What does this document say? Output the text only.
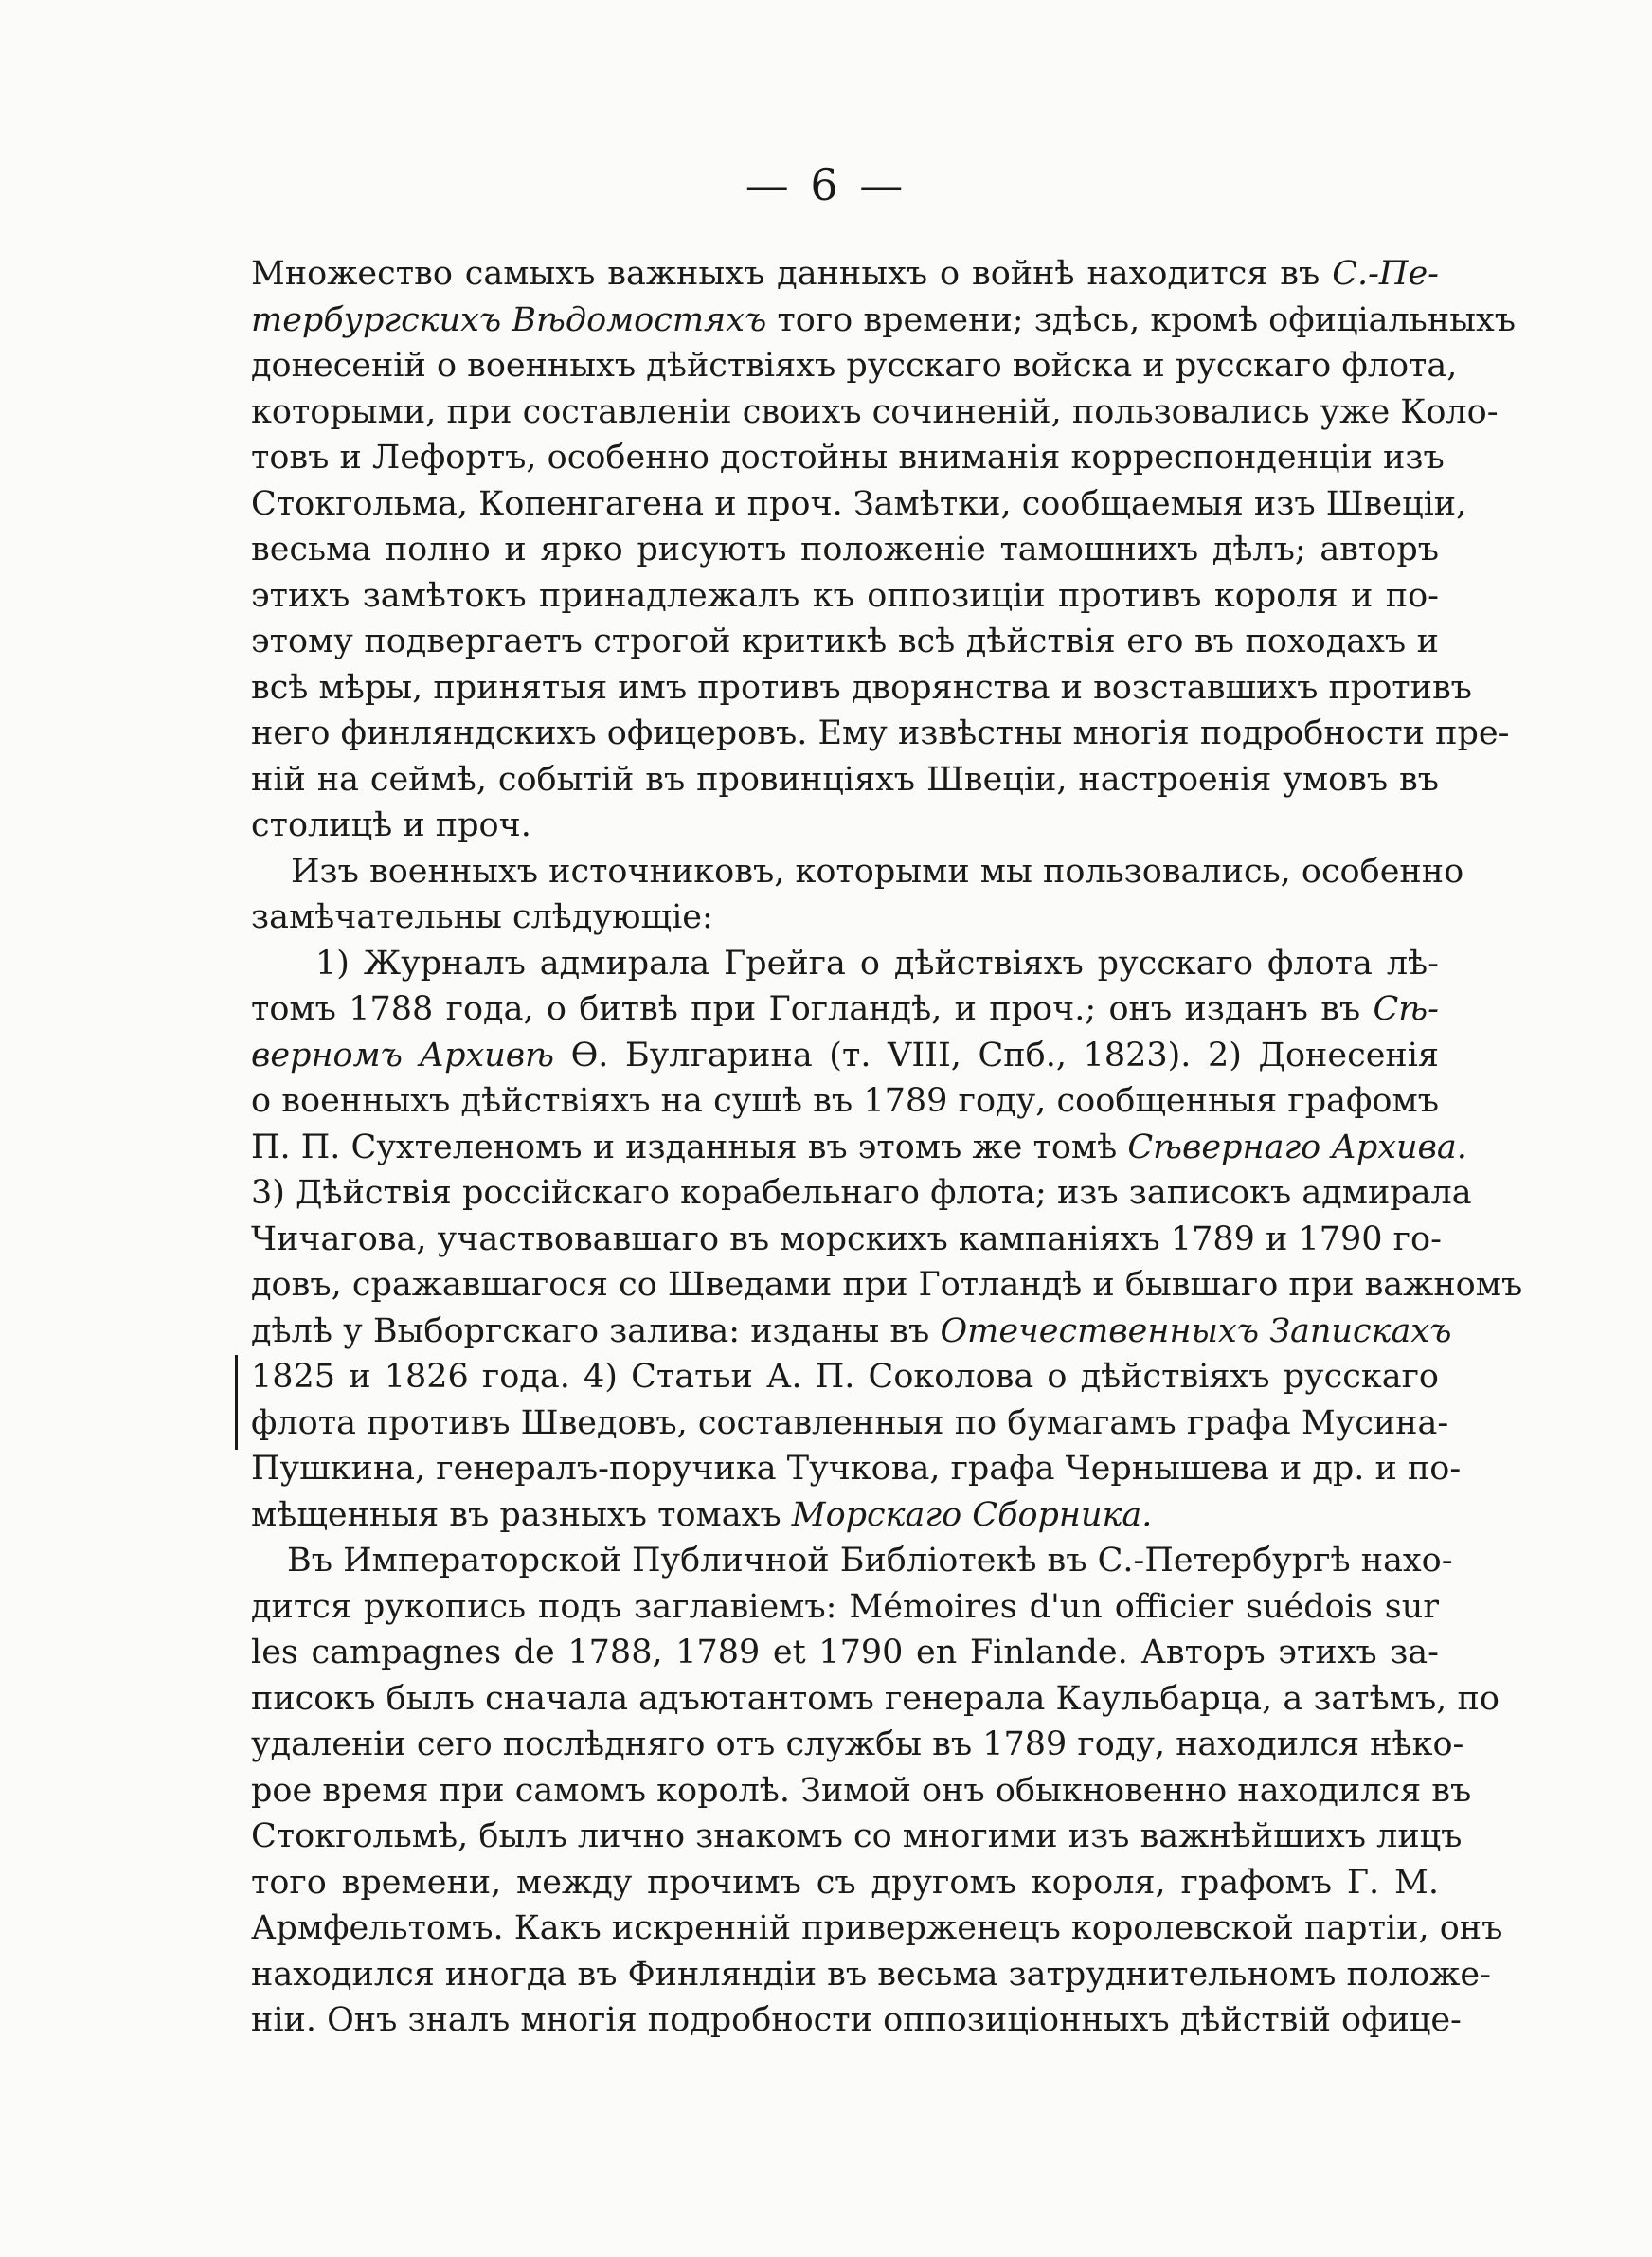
— 6 —
Множество самыхъ важныхъ данныхъ о войнѣ находится въ С.-Пе-
тербургскихъ Вѣдомостяхъ того времени; здѣсь, кромѣ офиціальныхъ
донесеній о военныхъ дѣйствіяхъ русскаго войска и русскаго флота,
которыми, при составленіи своихъ сочиненій, пользовались уже Коло-
товъ и Лефортъ, особенно достойны вниманія корреспонденціи изъ
Стокгольма, Копенгагена и проч. Замѣтки, сообщаемыя изъ Швеціи,
весьма полно и ярко рисуютъ положеніе тамошнихъ дѣлъ; авторъ
этихъ замѣтокъ принадлежалъ къ оппозиціи противъ короля и по-
этому подвергаетъ строгой критикѣ всѣ дѣйствія его въ походахъ и
всѣ мѣры, принятыя имъ противъ дворянства и возставшихъ противъ
него финляндскихъ офицеровъ. Ему извѣстны многія подробности пре-
ній на сеймѣ, событій въ провинціяхъ Швеціи, настроенія умовъ въ
столицѣ и проч.
Изъ военныхъ источниковъ, которыми мы пользовались, особенно
замѣчательны слѣдующіе:
1) Журналъ адмирала Грейга о дѣйствіяхъ русскаго флота лѣ-
томъ 1788 года, о битвѣ при Гогландѣ, и проч.; онъ изданъ въ Сѣ-
верномъ Архивѣ Ѳ. Булгарина (т. VIII, Спб., 1823). 2) Донесенія
о военныхъ дѣйствіяхъ на сушѣ въ 1789 году, сообщенныя графомъ
П. П. Сухтеленомъ и изданныя въ этомъ же томѣ Сѣвернаго Архива.
3) Дѣйствія россійскаго корабельнаго флота; изъ записокъ адмирала
Чичагова, участвовавшаго въ морскихъ кампаніяхъ 1789 и 1790 го-
довъ, сражавшагося со Шведами при Готландѣ и бывшаго при важномъ
дѣлѣ у Выборгскаго залива: изданы въ Отечественныхъ Запискахъ
1825 и 1826 года. 4) Статьи А. П. Соколова о дѣйствіяхъ русскаго
флота противъ Шведовъ, составленныя по бумагамъ графа Мусина-
Пушкина, генералъ-поручика Тучкова, графа Чернышева и др. и по-
мѣщенныя въ разныхъ томахъ Морскаго Сборника.
Въ Императорской Публичной Библіотекѣ въ С.-Петербургѣ нахо-
дится рукопись подъ заглавіемъ: Mémoires d'un officier suédois sur
les campagnes de 1788, 1789 et 1790 en Finlande. Авторъ этихъ за-
писокъ былъ сначала адъютантомъ генерала Каульбарца, а затѣмъ, по
удаленіи сего послѣдняго отъ службы въ 1789 году, находился нѣко-
рое время при самомъ королѣ. Зимой онъ обыкновенно находился въ
Стокгольмѣ, былъ лично знакомъ со многими изъ важнѣйшихъ лицъ
того времени, между прочимъ съ другомъ короля, графомъ Г. М.
Армфельтомъ. Какъ искренній приверженецъ королевской партіи, онъ
находился иногда въ Финляндіи въ весьма затруднительномъ положе-
ніи. Онъ зналъ многія подробности оппозиціонныхъ дѣйствій офице-
